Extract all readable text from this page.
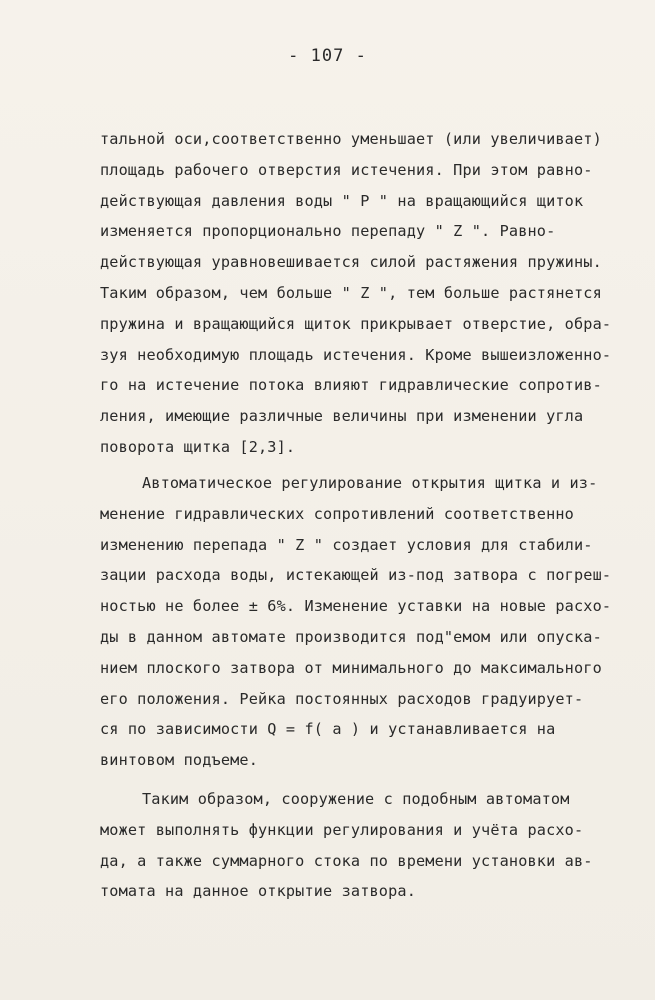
- 107 -
тальной оси,соответственно уменьшает (или увеличивает)
площадь рабочего отверстия истечения. При этом равно-
действующая давления воды " P " на вращающийся щиток
изменяется пропорционально перепаду " Z ". Равно-
действующая уравновешивается силой растяжения пружины.
Таким образом, чем больше " Z ", тем больше растянется
пружина и вращающийся щиток прикрывает отверстие, обра-
зуя необходимую площадь истечения. Кроме вышеизложенно-
го на истечение потока влияют гидравлические сопротив-
ления, имеющие различные величины при изменении угла
поворота щитка [2,3].
Автоматическое регулирование открытия щитка и из-
менение гидравлических сопротивлений соответственно
изменению перепада " Z " создает условия для стабили-
зации расхода воды, истекающей из-под затвора с погреш-
ностью не более ± 6%. Изменение уставки на новые расхо-
ды в данном автомате производится под"емом или опуска-
нием плоского затвора от минимального до максимального
его положения. Рейка постоянных расходов градуирует-
ся по зависимости Q = f( a ) и устанавливается на
винтовом подъеме.
Таким образом, сооружение с подобным автоматом
может выполнять функции регулирования и учёта расхо-
да, а также суммарного стока по времени установки ав-
томата на данное открытие затвора.
